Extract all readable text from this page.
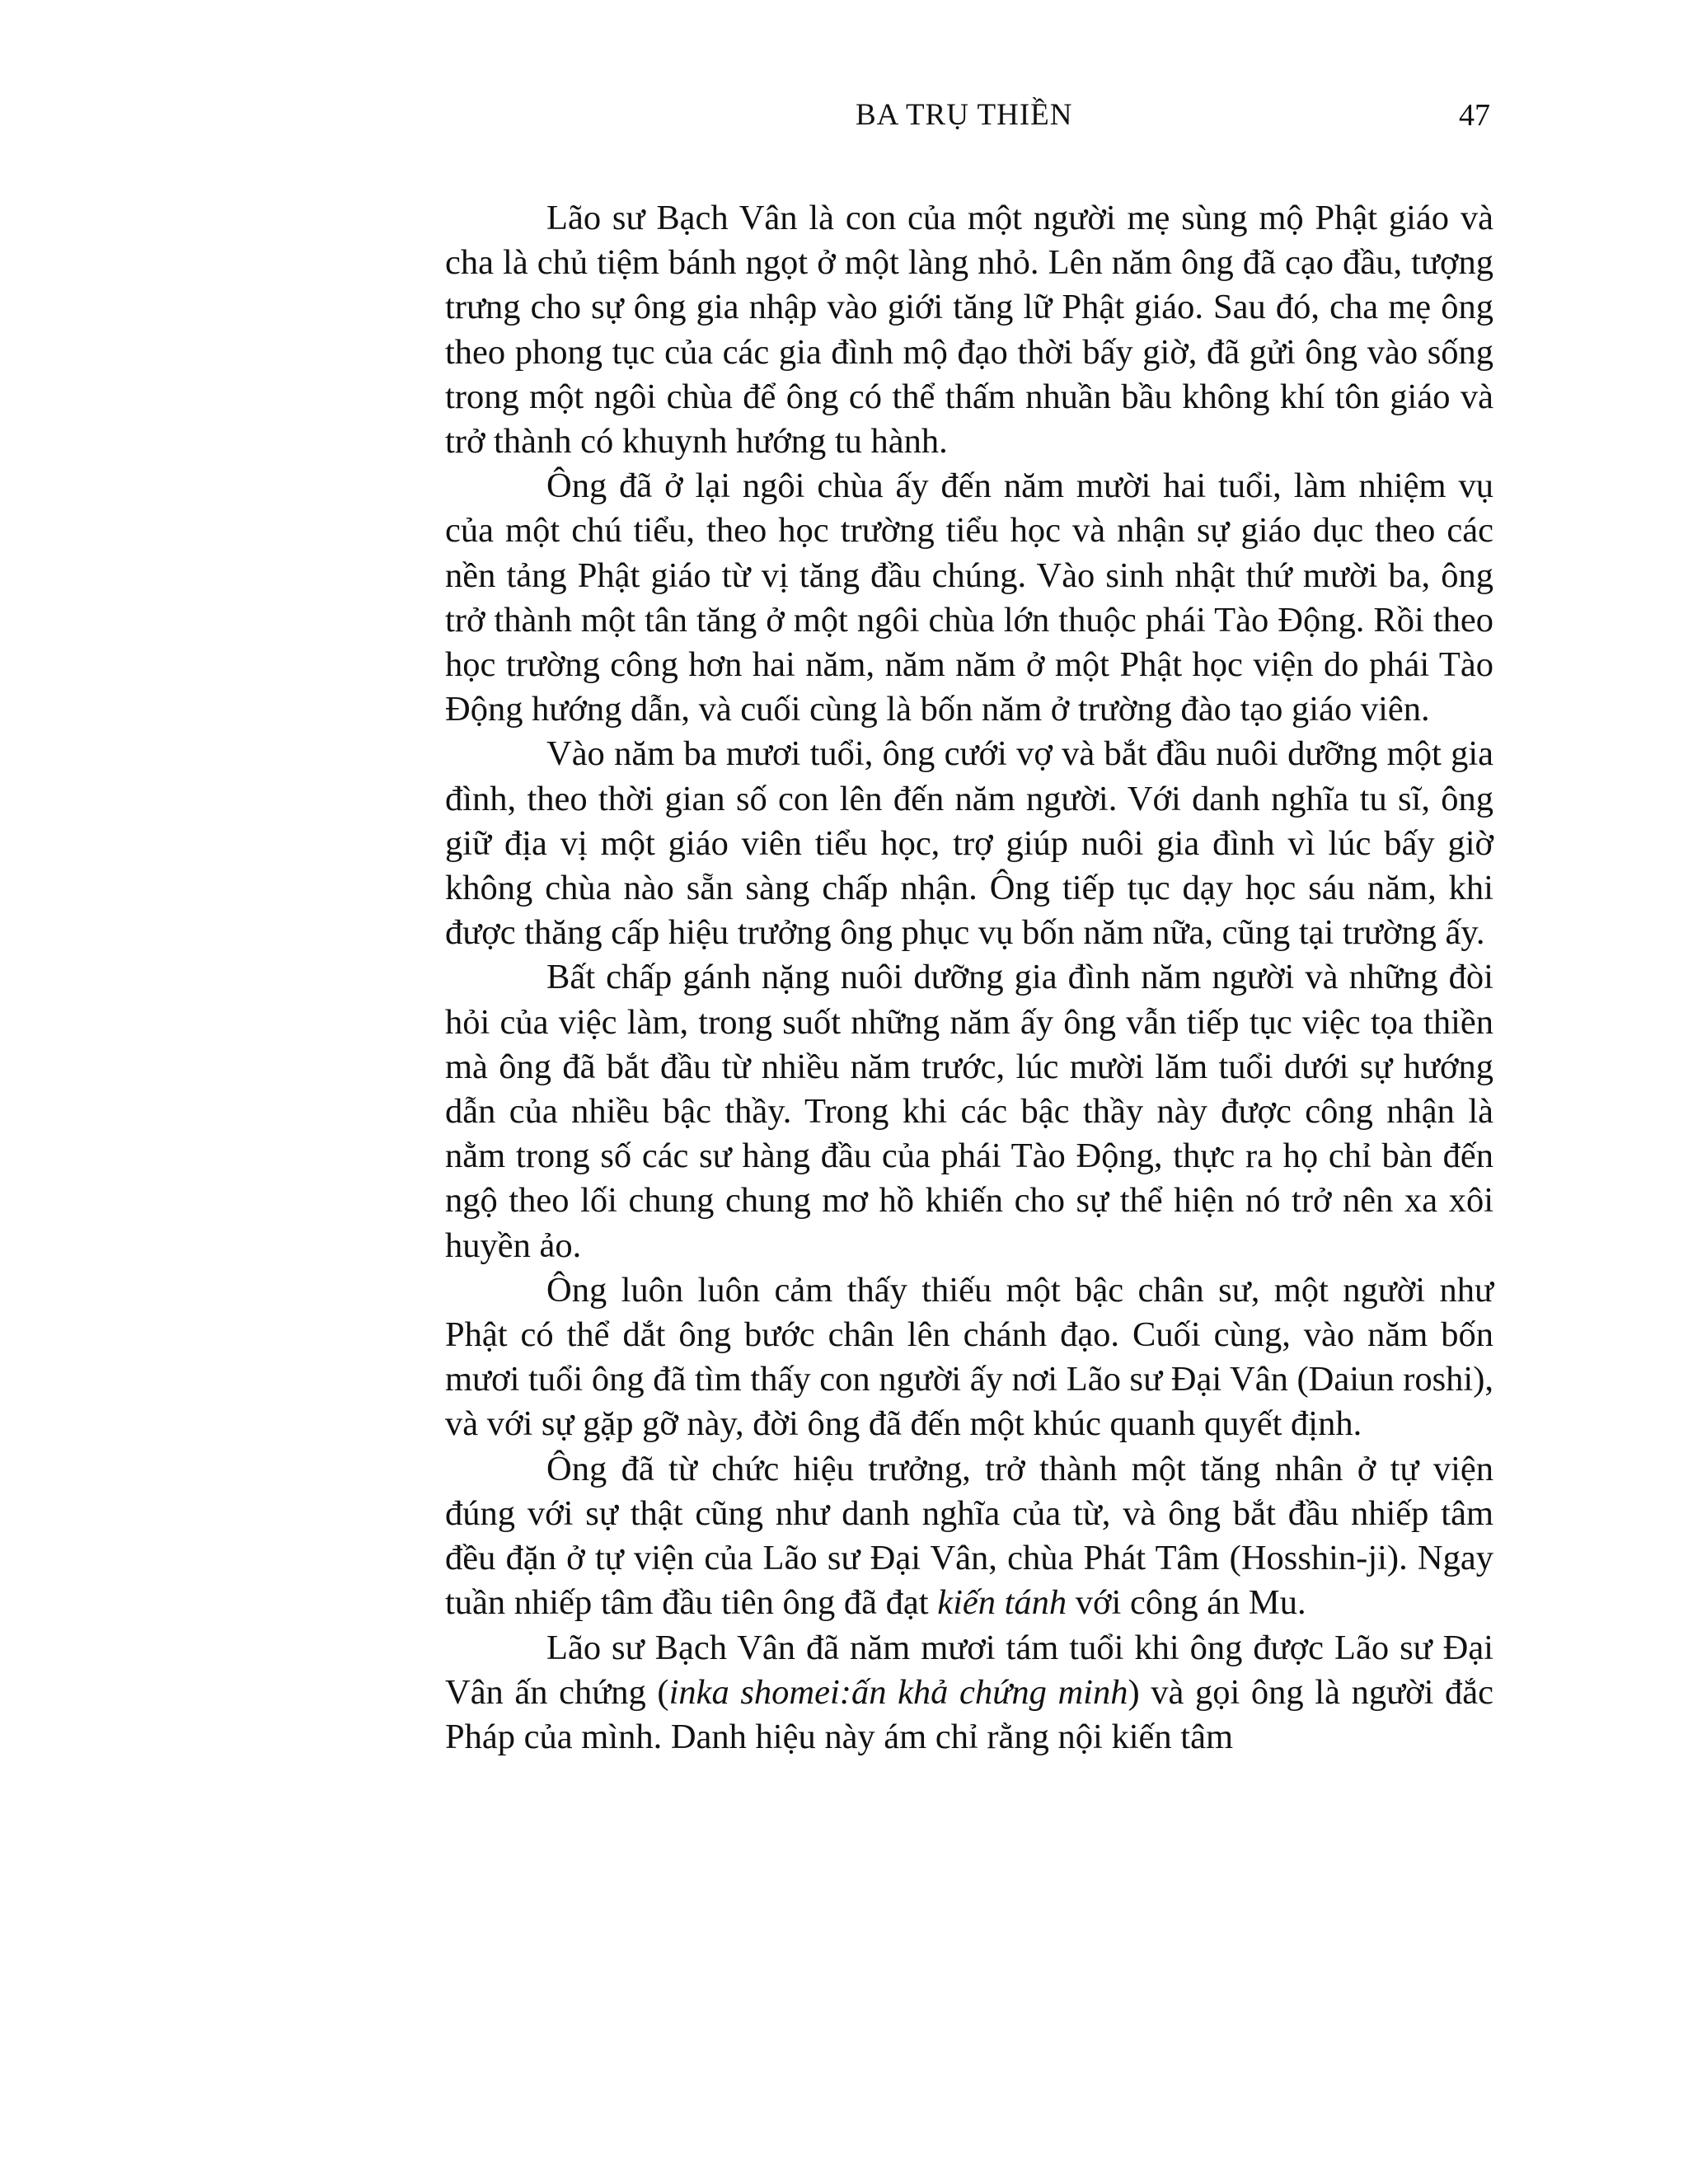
BA TRỤ THIỀN	47

Lão sư Bạch Vân là con của một người mẹ sùng mộ Phật giáo và cha là chủ tiệm bánh ngọt ở một làng nhỏ. Lên năm ông đã cạo đầu, tượng trưng cho sự ông gia nhập vào giới tăng lữ Phật giáo. Sau đó, cha mẹ ông theo phong tục của các gia đình mộ đạo thời bấy giờ, đã gửi ông vào sống trong một ngôi chùa để ông có thể thấm nhuần bầu không khí tôn giáo và trở thành có khuynh hướng tu hành.

Ông đã ở lại ngôi chùa ấy đến năm mười hai tuổi, làm nhiệm vụ của một chú tiểu, theo học trường tiểu học và nhận sự giáo dục theo các nền tảng Phật giáo từ vị tăng đầu chúng. Vào sinh nhật thứ mười ba, ông trở thành một tân tăng ở một ngôi chùa lớn thuộc phái Tào Động. Rồi theo học trường công hơn hai năm, năm năm ở một Phật học viện do phái Tào Động hướng dẫn, và cuối cùng là bốn năm ở trường đào tạo giáo viên.

Vào năm ba mươi tuổi, ông cưới vợ và bắt đầu nuôi dưỡng một gia đình, theo thời gian số con lên đến năm người. Với danh nghĩa tu sĩ, ông giữ địa vị một giáo viên tiểu học, trợ giúp nuôi gia đình vì lúc bấy giờ không chùa nào sẵn sàng chấp nhận. Ông tiếp tục dạy học sáu năm, khi được thăng cấp hiệu trưởng ông phục vụ bốn năm nữa, cũng tại trường ấy.

Bất chấp gánh nặng nuôi dưỡng gia đình năm người và những đòi hỏi của việc làm, trong suốt những năm ấy ông vẫn tiếp tục việc tọa thiền mà ông đã bắt đầu từ nhiều năm trước, lúc mười lăm tuổi dưới sự hướng dẫn của nhiều bậc thầy. Trong khi các bậc thầy này được công nhận là nằm trong số các sư hàng đầu của phái Tào Động, thực ra họ chỉ bàn đến ngộ theo lối chung chung mơ hồ khiến cho sự thể hiện nó trở nên xa xôi huyền ảo.

Ông luôn luôn cảm thấy thiếu một bậc chân sư, một người như Phật có thể dắt ông bước chân lên chánh đạo. Cuối cùng, vào năm bốn mươi tuổi ông đã tìm thấy con người ấy nơi Lão sư Đại Vân (Daiun roshi), và với sự gặp gỡ này, đời ông đã đến một khúc quanh quyết định.

Ông đã từ chức hiệu trưởng, trở thành một tăng nhân ở tự viện đúng với sự thật cũng như danh nghĩa của từ, và ông bắt đầu nhiếp tâm đều đặn ở tự viện của Lão sư Đại Vân, chùa Phát Tâm (Hosshin-ji). Ngay tuần nhiếp tâm đầu tiên ông đã đạt kiến tánh với công án Mu.

Lão sư Bạch Vân đã năm mươi tám tuổi khi ông được Lão sư Đại Vân ấn chứng (inka shomei:ấn khả chứng minh) và gọi ông là người đắc Pháp của mình. Danh hiệu này ám chỉ rằng nội kiến tâm
